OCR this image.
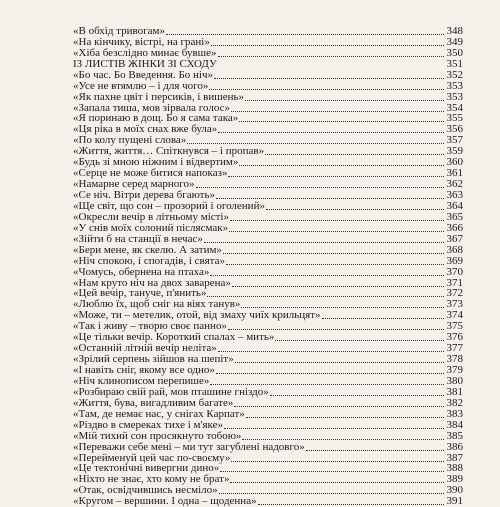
«В обхід тривогам»	348
«На кінчику, вістрі, на грані»	349
«Хіба безслідно минає бувше»	350
ІЗ ЛИСТІВ ЖІНКИ ЗІ СХОДУ	351
«Бо час. Бо Введення. Бо ніч»	352
«Усе не втямлю – і для чого»	353
«Як пахне цвіт і персиків, і вишень»	353
«Запала тиша, мов зірвала голос»	354
«Я поринаю в дощ. Бо я сама така»	355
«Ця ріка в моїх снах вже була»	356
«По колу пущені слова»	357
«Життя, життя… Спіткнувся – і пропав»	359
«Будь зі мною ніжним і відвертим»	360
«Серце не може битися напоказ»	361
«Намарне серед марного»	362
«Се ніч. Вітри дерева бгають»	363
«Ще світ, що сон – прозорий і оголений»	364
«Окресли вечір в літньому місті»	365
«У снів моїх солоний післясмак»	366
«Зійти б на станції в нечас»	367
«Бери мене, як скелю. А затим»	368
«Ніч спокою, і спогадів, і свята»	369
«Чомусь, обернена на птаха»	370
«Нам круто ніч на двох заварена»	371
«Цей вечір, тануче, п'янить»	372
«Люблю їх, щоб сніг на віях танув»	373
«Може, ти – метелик, отой, від змаху чиїх крильцят»	374
«Так і живу – творю своє панно»	375
«Це тільки вечір. Короткий спалах – мить»	376
«Останній літній вечір неліта»	377
«Зрілий серпень зійшов на шепіт»	378
«І навіть сніг, якому все одно»	379
«Ніч клинописом перепише»	380
«Розбираю свій рай, мов пташине гніздо»	381
«Життя, бува, вигадливим багате»	382
«Там, де немає нас, у снігах Карпат»	383
«Різдво в смереках тихе і м'яке»	384
«Мій тихий сон просякнуто тобою»	385
«Переважи себе мені – ми тут загублені надовго»	386
«Перейменуй цей час по-своєму»	387
«Це тектонічні вивергни дино»	388
«Ніхто не знає, хто кому не брат»	389
«Отак, освідчившись несміло»	390
«Кругом – вершини. І одна – щоденна»	391
